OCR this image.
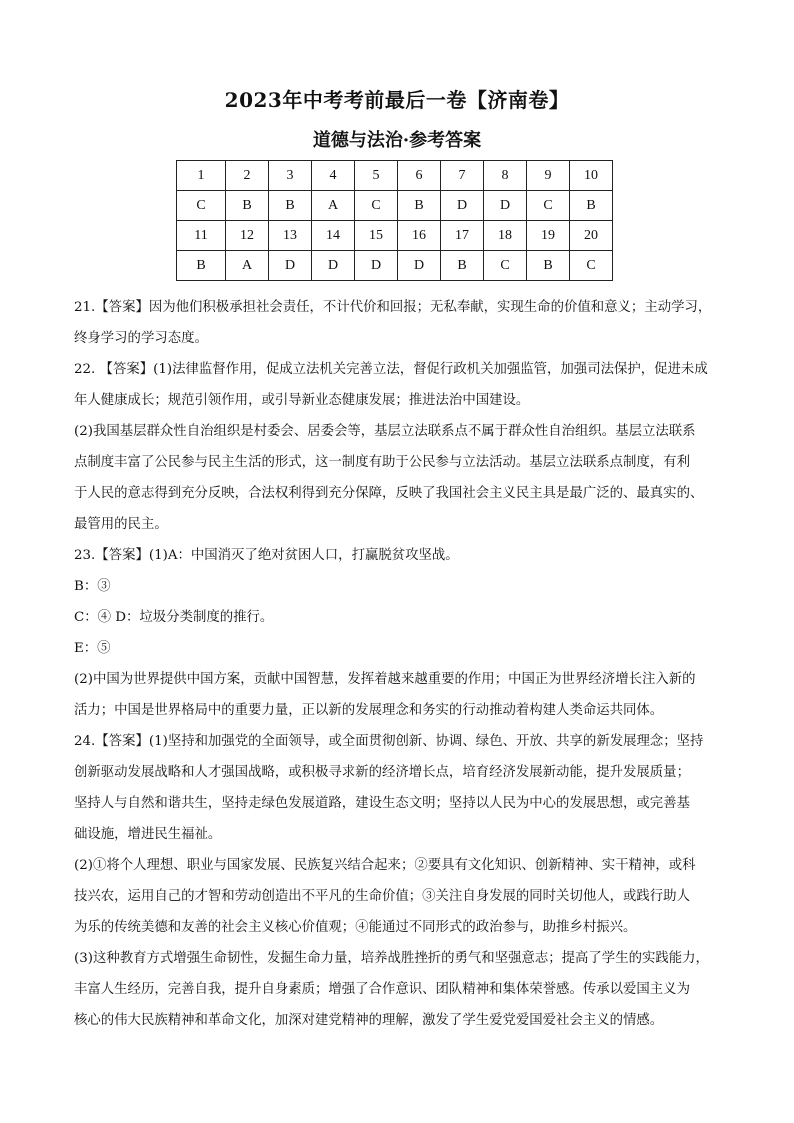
2023年中考考前最后一卷【济南卷】
道德与法治·参考答案
1	2	3	4	5	6	7	8	9	10
C	B	B	A	C	B	D	D	C	B
11	12	13	14	15	16	17	18	19	20
B	A	D	D	D	D	B	C	B	C

21.【答案】因为他们积极承担社会责任，不计代价和回报；无私奉献，实现生命的价值和意义；主动学习，

终身学习的学习态度。

22. 【答案】(1)法律监督作用，促成立法机关完善立法，督促行政机关加强监管，加强司法保护，促进未成

年人健康成长；规范引领作用，或引导新业态健康发展；推进法治中国建设。

(2)我国基层群众性自治组织是村委会、居委会等，基层立法联系点不属于群众性自治组织。基层立法联系

点制度丰富了公民参与民主生活的形式，这一制度有助于公民参与立法活动。基层立法联系点制度，有利

于人民的意志得到充分反映，合法权利得到充分保障，反映了我国社会主义民主具是最广泛的、最真实的、

最管用的民主。

23.【答案】(1)A：中国消灭了绝对贫困人口，打赢脱贫攻坚战。

B：③

C：④ D：垃圾分类制度的推行。

E：⑤

(2)中国为世界提供中国方案，贡献中国智慧，发挥着越来越重要的作用；中国正为世界经济增长注入新的

活力；中国是世界格局中的重要力量，正以新的发展理念和务实的行动推动着构建人类命运共同体。

24.【答案】(1)坚持和加强党的全面领导，或全面贯彻创新、协调、绿色、开放、共享的新发展理念；坚持

创新驱动发展战略和人才强国战略，或积极寻求新的经济增长点，培育经济发展新动能，提升发展质量；

坚持人与自然和谐共生，坚持走绿色发展道路，建设生态文明；坚持以人民为中心的发展思想，或完善基

础设施，增进民生福祉。

(2)①将个人理想、职业与国家发展、民族复兴结合起来；②要具有文化知识、创新精神、实干精神，或科

技兴农，运用自己的才智和劳动创造出不平凡的生命价值；③关注自身发展的同时关切他人，或践行助人

为乐的传统美德和友善的社会主义核心价值观；④能通过不同形式的政治参与，助推乡村振兴。

(3)这种教育方式增强生命韧性，发掘生命力量，培养战胜挫折的勇气和坚强意志；提高了学生的实践能力，

丰富人生经历，完善自我，提升自身素质；增强了合作意识、团队精神和集体荣誉感。传承以爱国主义为

核心的伟大民族精神和革命文化，加深对建党精神的理解，激发了学生爱党爱国爱社会主义的情感。
